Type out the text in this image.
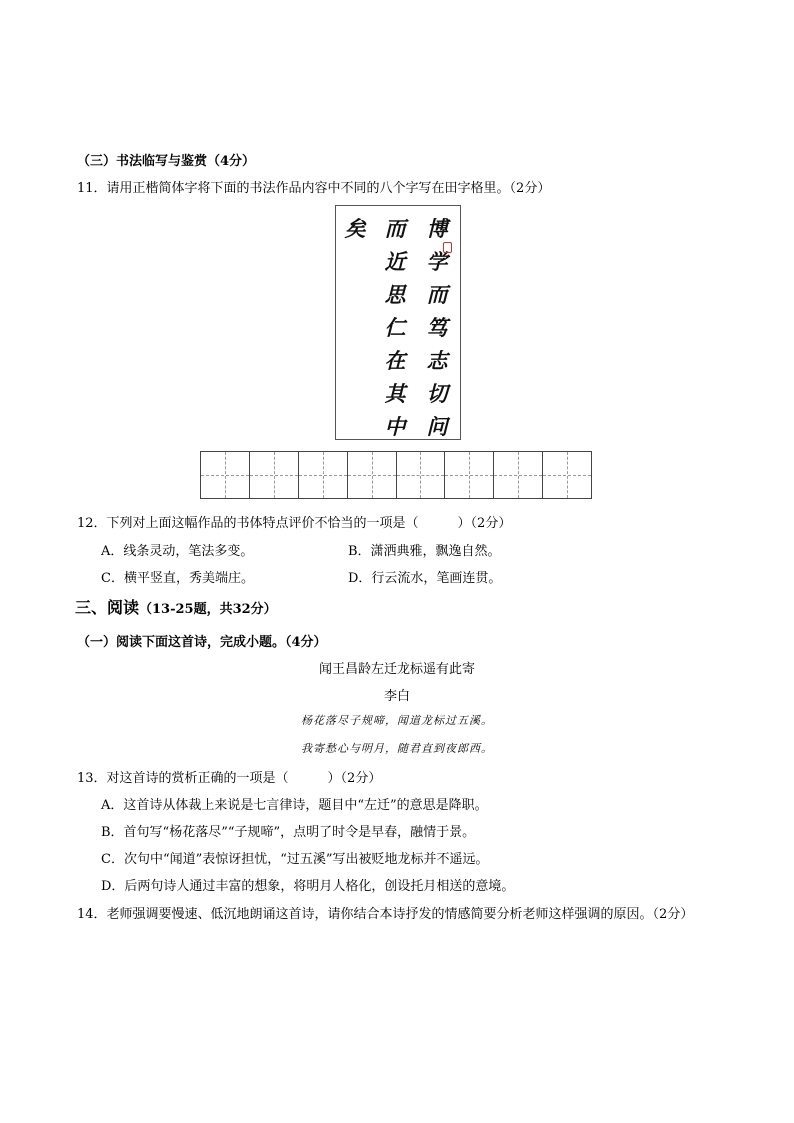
（三）书法临写与鉴赏（4分）
11．请用正楷简体字将下面的书法作品内容中不同的八个字写在田字格里。（2分）
博
学
而
笃
志
切
问
而
近
思
仁
在
其
中
矣
12．下列对上面这幅作品的书体特点评价不恰当的一项是（　　　）（2分）
A．线条灵动，笔法多变。	B．潇洒典雅，飘逸自然。
C．横平竖直，秀美端庄。	D．行云流水，笔画连贯。
三、阅读（13-25题，共32分）
（一）阅读下面这首诗，完成小题。（4分）
闻王昌龄左迁龙标遥有此寄
李白
杨花落尽子规啼，闻道龙标过五溪。
我寄愁心与明月，随君直到夜郎西。
13．对这首诗的赏析正确的一项是（　　　）（2分）
A．这首诗从体裁上来说是七言律诗，题目中“左迁”的意思是降职。
B．首句写“杨花落尽”“子规啼”，点明了时令是早春，融情于景。
C．次句中“闻道”表惊讶担忧，“过五溪”写出被贬地龙标并不遥远。
D．后两句诗人通过丰富的想象，将明月人格化，创设托月相送的意境。
14．老师强调要慢速、低沉地朗诵这首诗，请你结合本诗抒发的情感简要分析老师这样强调的原因。（2分）
